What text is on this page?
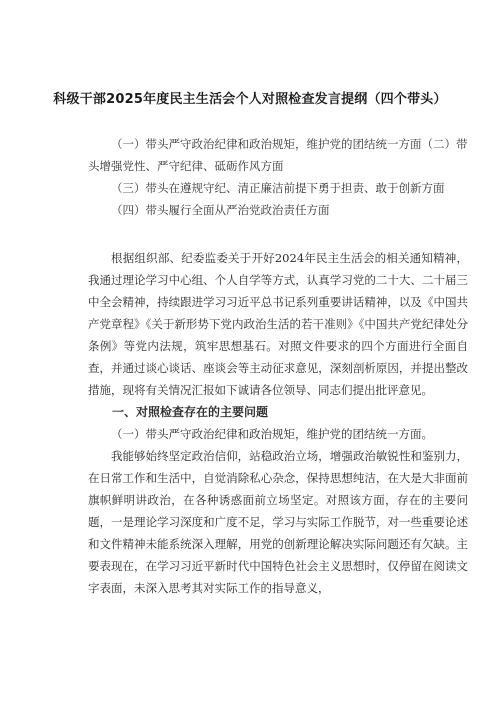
科级干部2025年度民主生活会个人对照检查发言提纲（四个带头）

（一）带头严守政治纪律和政治规矩，维护党的团结统一方面（二）带头增强党性、严守纪律、砥砺作风方面

（三）带头在遵规守纪、清正廉洁前提下勇于担责、敢于创新方面

（四）带头履行全面从严治党政治责任方面

根据组织部、纪委监委关于开好2024年民主生活会的相关通知精神，我通过理论学习中心组、个人自学等方式，认真学习党的二十大、二十届三中全会精神，持续跟进学习习近平总书记系列重要讲话精神，以及《中国共产党章程》《关于新形势下党内政治生活的若干准则》《中国共产党纪律处分条例》等党内法规，筑牢思想基石。对照文件要求的四个方面进行全面自查，并通过谈心谈话、座谈会等主动征求意见，深刻剖析原因，并提出整改措施，现将有关情况汇报如下诚请各位领导、同志们提出批评意见。

一、对照检查存在的主要问题

（一）带头严守政治纪律和政治规矩，维护党的团结统一方面。

我能够始终坚定政治信仰，站稳政治立场，增强政治敏锐性和鉴别力，在日常工作和生活中，自觉消除私心杂念，保持思想纯洁，在大是大非面前旗帜鲜明讲政治，在各种诱惑面前立场坚定。对照该方面，存在的主要问题，一是理论学习深度和广度不足，学习与实际工作脱节，对一些重要论述和文件精神未能系统深入理解，用党的创新理论解决实际问题还有欠缺。主要表现在，在学习习近平新时代中国特色社会主义思想时，仅停留在阅读文字表面，未深入思考其对实际工作的指导意义，
